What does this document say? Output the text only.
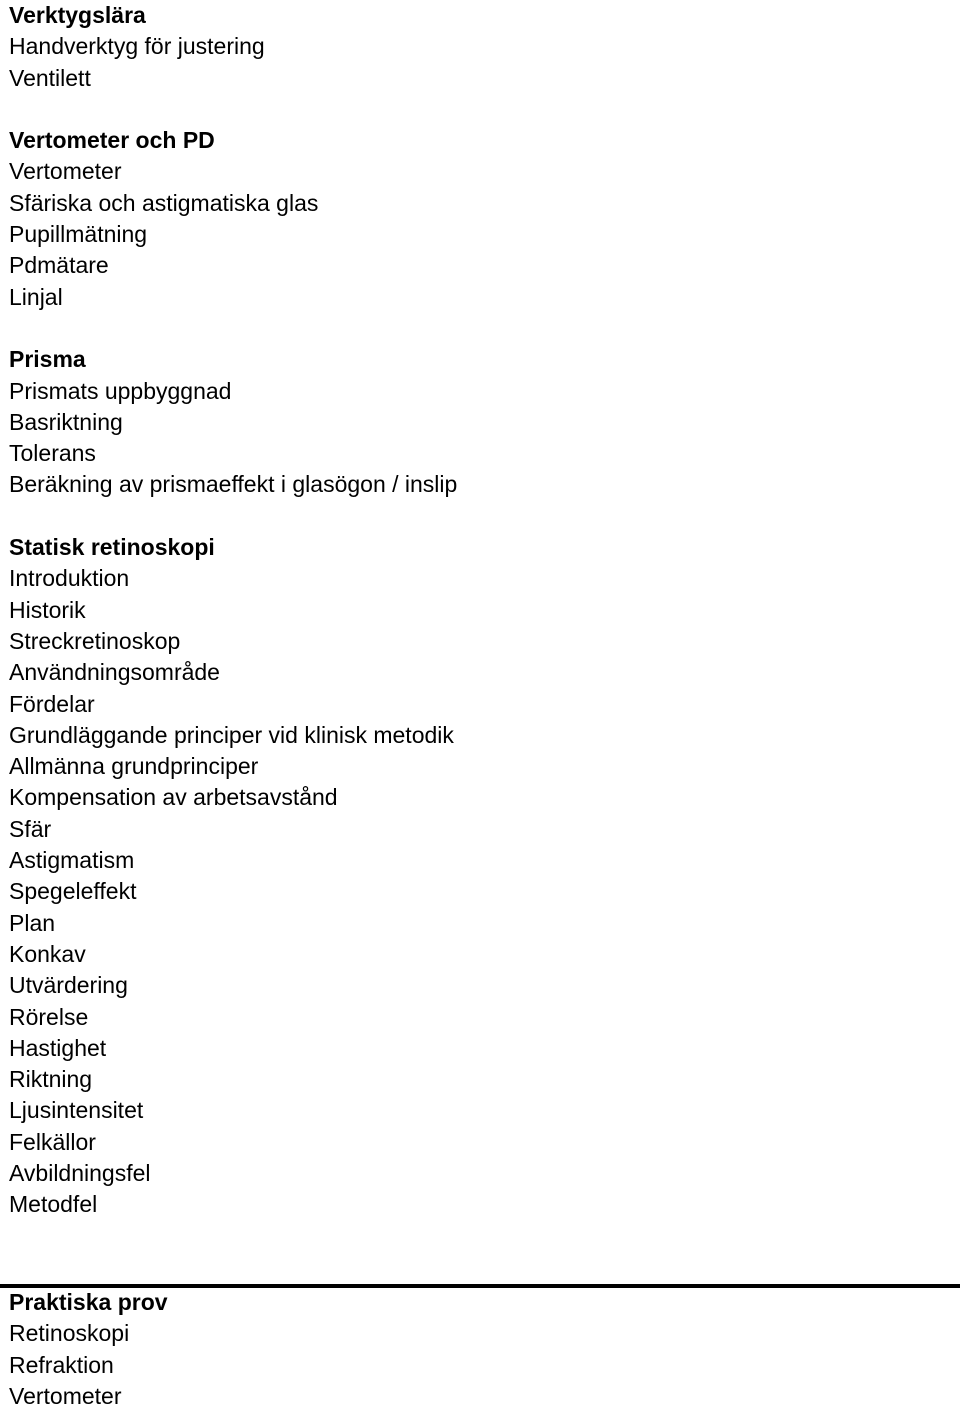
Verktygslära
Handverktyg för justering
Ventilett
Vertometer och PD
Vertometer
Sfäriska och astigmatiska glas
Pupillmätning
Pdmätare
Linjal
Prisma
Prismats uppbyggnad
Basriktning
Tolerans
Beräkning av prismaeffekt i glasögon / inslip
Statisk retinoskopi
Introduktion
Historik
Streckretinoskop
Användningsområde
Fördelar
Grundläggande principer vid klinisk metodik
Allmänna grundprinciper
Kompensation av arbetsavstånd
Sfär
Astigmatism
Spegeleffekt
Plan
Konkav
Utvärdering
Rörelse
Hastighet
Riktning
Ljusintensitet
Felkällor
Avbildningsfel
Metodfel
Praktiska prov
Retinoskopi
Refraktion
Vertometer
